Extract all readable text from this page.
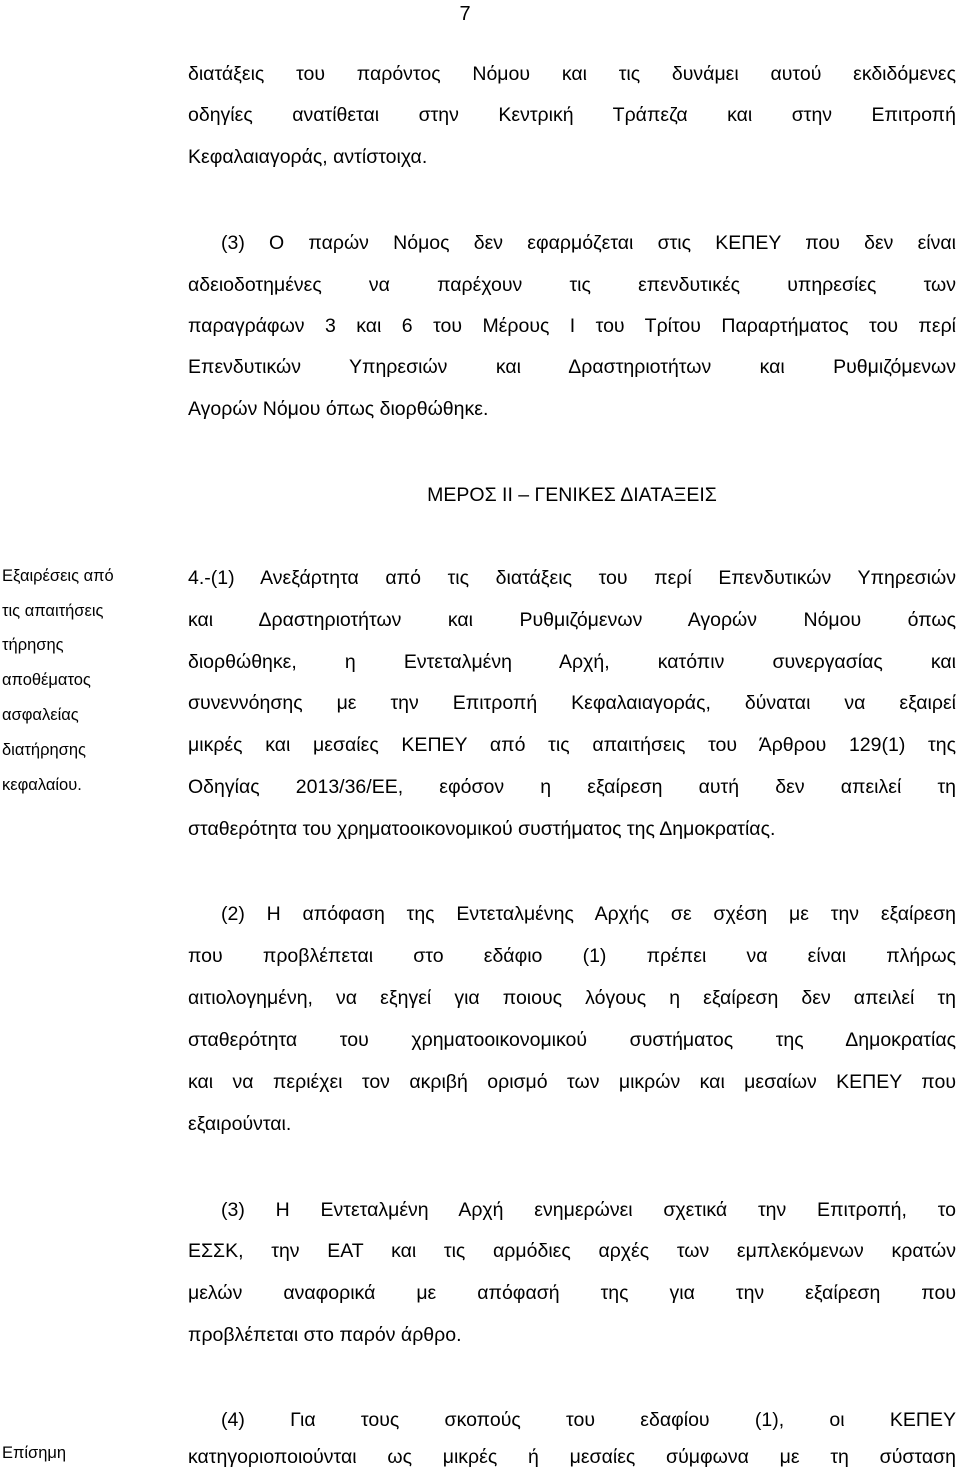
7
διατάξεις του παρόντος Νόμου και τις δυνάμει αυτού εκδιδόμενες
οδηγίες ανατίθεται στην Κεντρική Τράπεζα και στην Επιτροπή
Κεφαλαιαγοράς, αντίστοιχα.
(3) Ο παρών Νόμος δεν εφαρμόζεται στις ΚΕΠΕΥ που δεν είναι
αδειοδοτημένες να παρέχουν τις επενδυτικές υπηρεσίες των
παραγράφων 3 και 6 του Μέρους Ι του Τρίτου Παραρτήματος του περί
Επενδυτικών Υπηρεσιών και Δραστηριοτήτων και Ρυθμιζόμενων
Αγορών Νόμου όπως διορθώθηκε.
ΜΕΡΟΣ ΙΙ – ΓΕΝΙΚΕΣ ΔΙΑΤΑΞΕΙΣ
Εξαιρέσεις από
τις απαιτήσεις
τήρησης
αποθέματος
ασφαλείας
διατήρησης
κεφαλαίου.
4.-(1) Ανεξάρτητα από τις διατάξεις του περί Επενδυτικών Υπηρεσιών
και Δραστηριοτήτων και Ρυθμιζόμενων Αγορών Νόμου όπως
διορθώθηκε, η Εντεταλμένη Αρχή, κατόπιν συνεργασίας και
συνεννόησης με την Επιτροπή Κεφαλαιαγοράς, δύναται να εξαιρεί
μικρές και μεσαίες ΚΕΠΕΥ από τις απαιτήσεις του Άρθρου 129(1) της
Οδηγίας 2013/36/ΕΕ, εφόσον η εξαίρεση αυτή δεν απειλεί τη
σταθερότητα του χρηματοοικονομικού συστήματος της Δημοκρατίας.
(2) Η απόφαση της Εντεταλμένης Αρχής σε σχέση με την εξαίρεση
που προβλέπεται στο εδάφιο (1) πρέπει να είναι πλήρως
αιτιολογημένη, να εξηγεί για ποιους λόγους η εξαίρεση δεν απειλεί τη
σταθερότητα του χρηματοοικονομικού συστήματος της Δημοκρατίας
και να περιέχει τον ακριβή ορισμό των μικρών και μεσαίων ΚΕΠΕΥ που
εξαιρούνται.
(3) Η Εντεταλμένη Αρχή ενημερώνει σχετικά την Επιτροπή, το
ΕΣΣΚ, την ΕΑΤ και τις αρμόδιες αρχές των εμπλεκόμενων κρατών
μελών αναφορικά με απόφασή της για την εξαίρεση που
προβλέπεται στο παρόν άρθρο.
Επίσημη
(4) Για τους σκοπούς του εδαφίου (1), οι ΚΕΠΕΥ
κατηγοριοποιούνται ως μικρές ή μεσαίες σύμφωνα με τη σύσταση
